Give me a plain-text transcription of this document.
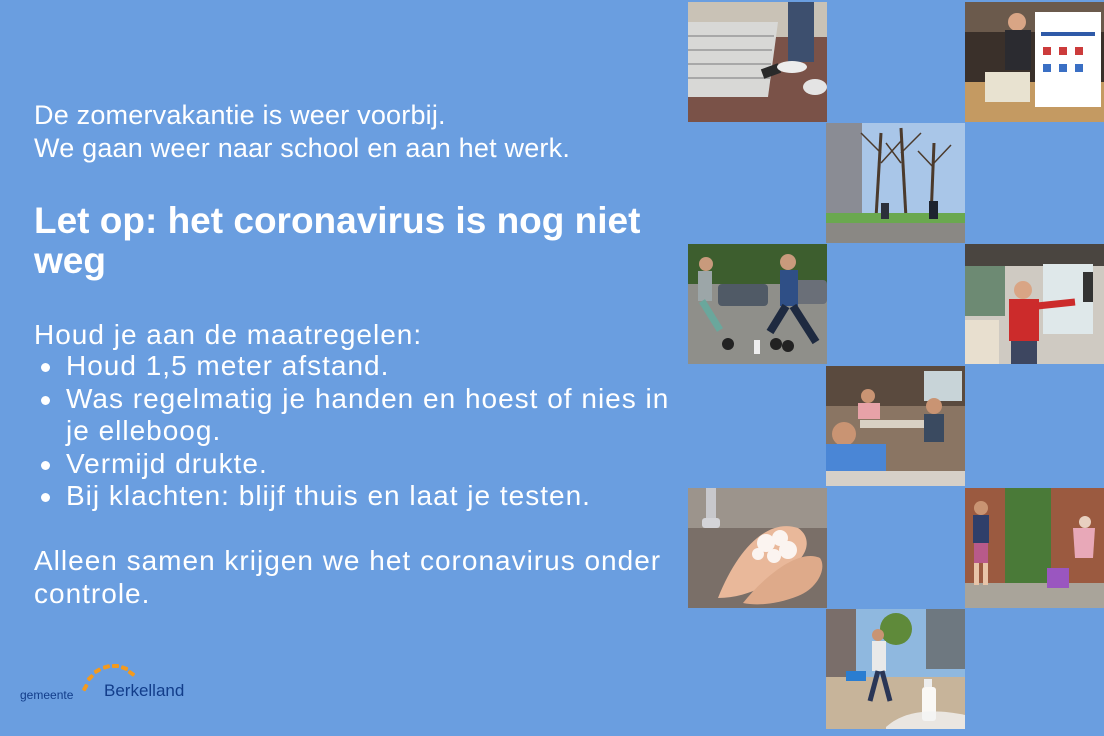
De zomervakantie is weer voorbij.
We gaan weer naar school en aan het werk.
Let op: het coronavirus is nog niet weg
Houd je aan de maatregelen:
Houd 1,5 meter afstand.
Was regelmatig je handen en hoest of nies in je elleboog.
Vermijd drukte.
Bij klachten: blijf thuis en laat je testen.
Alleen samen krijgen we het coronavirus onder controle.
gemeente Berkelland
